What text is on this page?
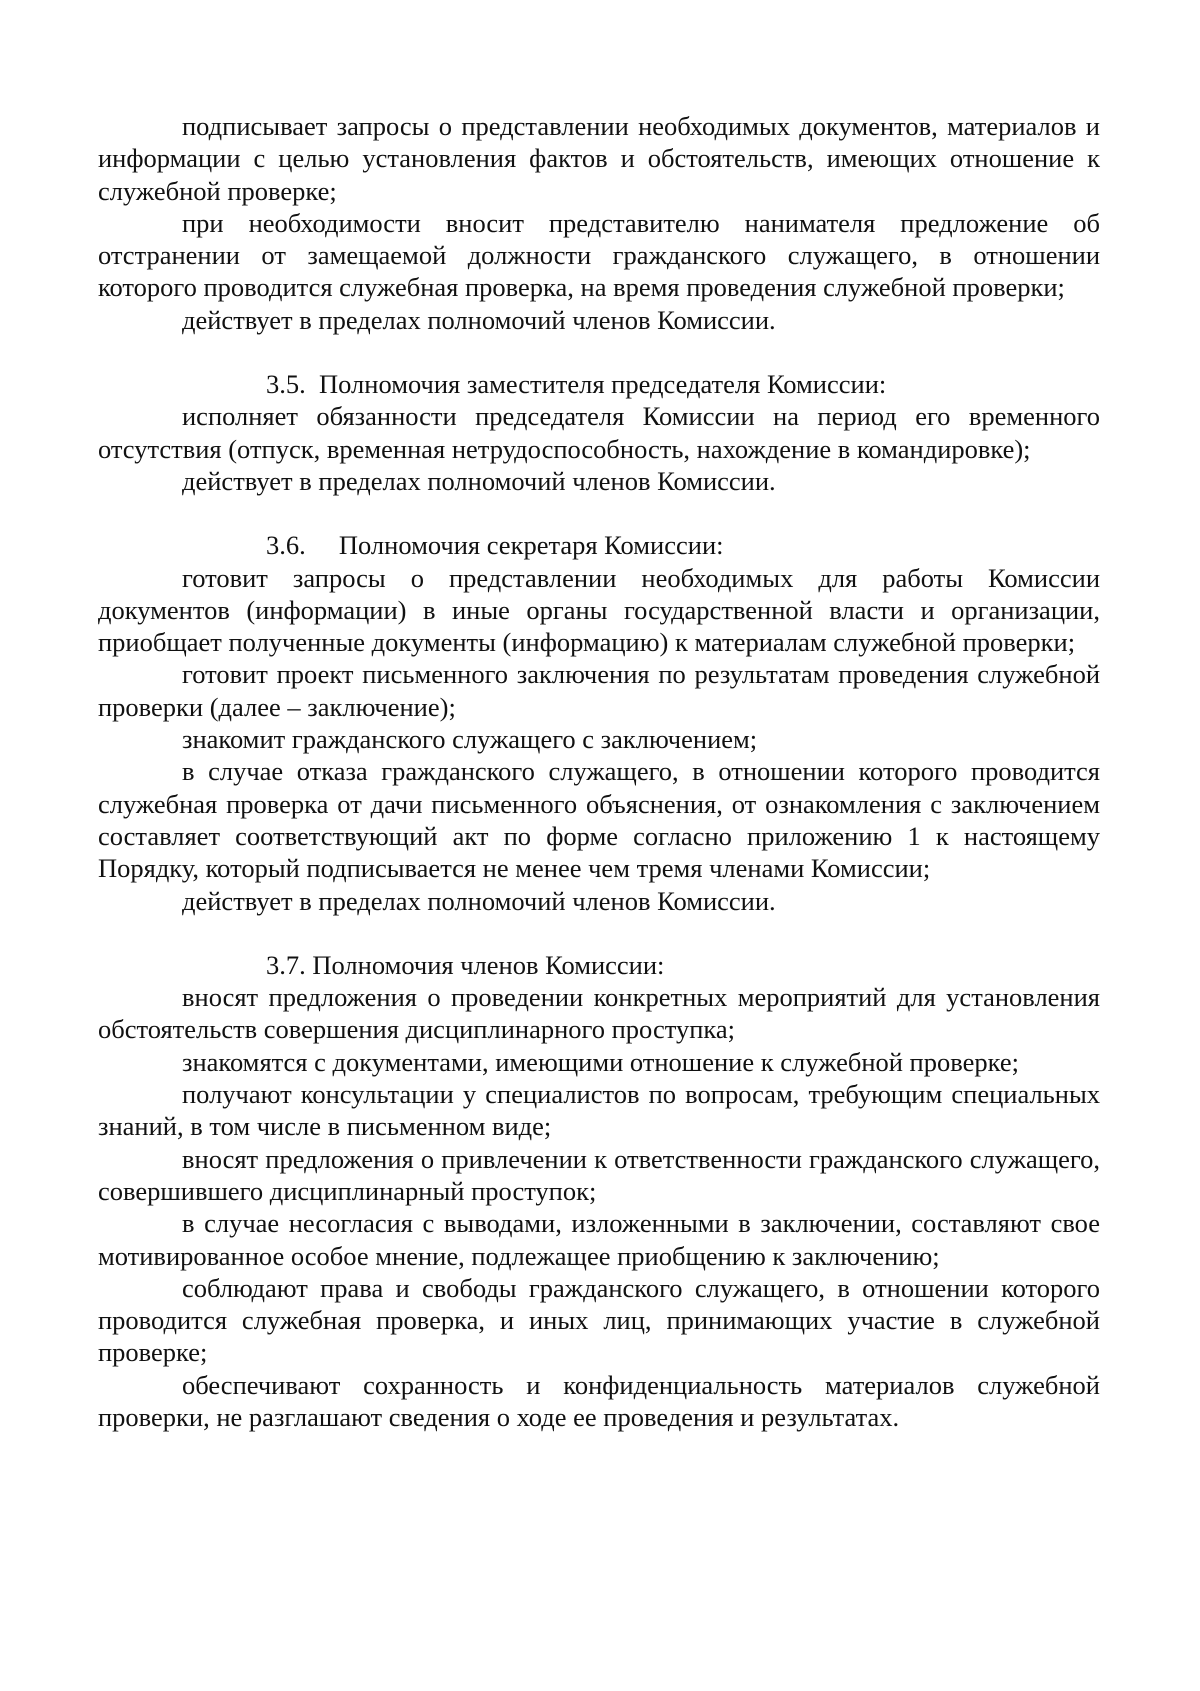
подписывает запросы о представлении необходимых документов, материалов и информации с целью установления фактов и обстоятельств, имеющих отношение к служебной проверке;

при необходимости вносит представителю нанимателя предложение об отстранении от замещаемой должности гражданского служащего, в отношении которого проводится служебная проверка, на время проведения служебной проверки;

действует в пределах полномочий членов Комиссии.

3.5. Полномочия заместителя председателя Комиссии:

исполняет обязанности председателя Комиссии на период его временного отсутствия (отпуск, временная нетрудоспособность, нахождение в командировке);

действует в пределах полномочий членов Комиссии.

3.6. Полномочия секретаря Комиссии:

готовит запросы о представлении необходимых для работы Комиссии документов (информации) в иные органы государственной власти и организации, приобщает полученные документы (информацию) к материалам служебной проверки;

готовит проект письменного заключения по результатам проведения служебной проверки (далее – заключение);

знакомит гражданского служащего с заключением;

в случае отказа гражданского служащего, в отношении которого проводится служебная проверка от дачи письменного объяснения, от ознакомления с заключением составляет соответствующий акт по форме согласно приложению 1 к настоящему Порядку, который подписывается не менее чем тремя членами Комиссии;

действует в пределах полномочий членов Комиссии.

3.7. Полномочия членов Комиссии:

вносят предложения о проведении конкретных мероприятий для установления обстоятельств совершения дисциплинарного проступка;

знакомятся с документами, имеющими отношение к служебной проверке;

получают консультации у специалистов по вопросам, требующим специальных знаний, в том числе в письменном виде;

вносят предложения о привлечении к ответственности гражданского служащего, совершившего дисциплинарный проступок;

в случае несогласия с выводами, изложенными в заключении, составляют свое мотивированное особое мнение, подлежащее приобщению к заключению;

соблюдают права и свободы гражданского служащего, в отношении которого проводится служебная проверка, и иных лиц, принимающих участие в служебной проверке;

обеспечивают сохранность и конфиденциальность материалов служебной проверки, не разглашают сведения о ходе ее проведения и результатах.
